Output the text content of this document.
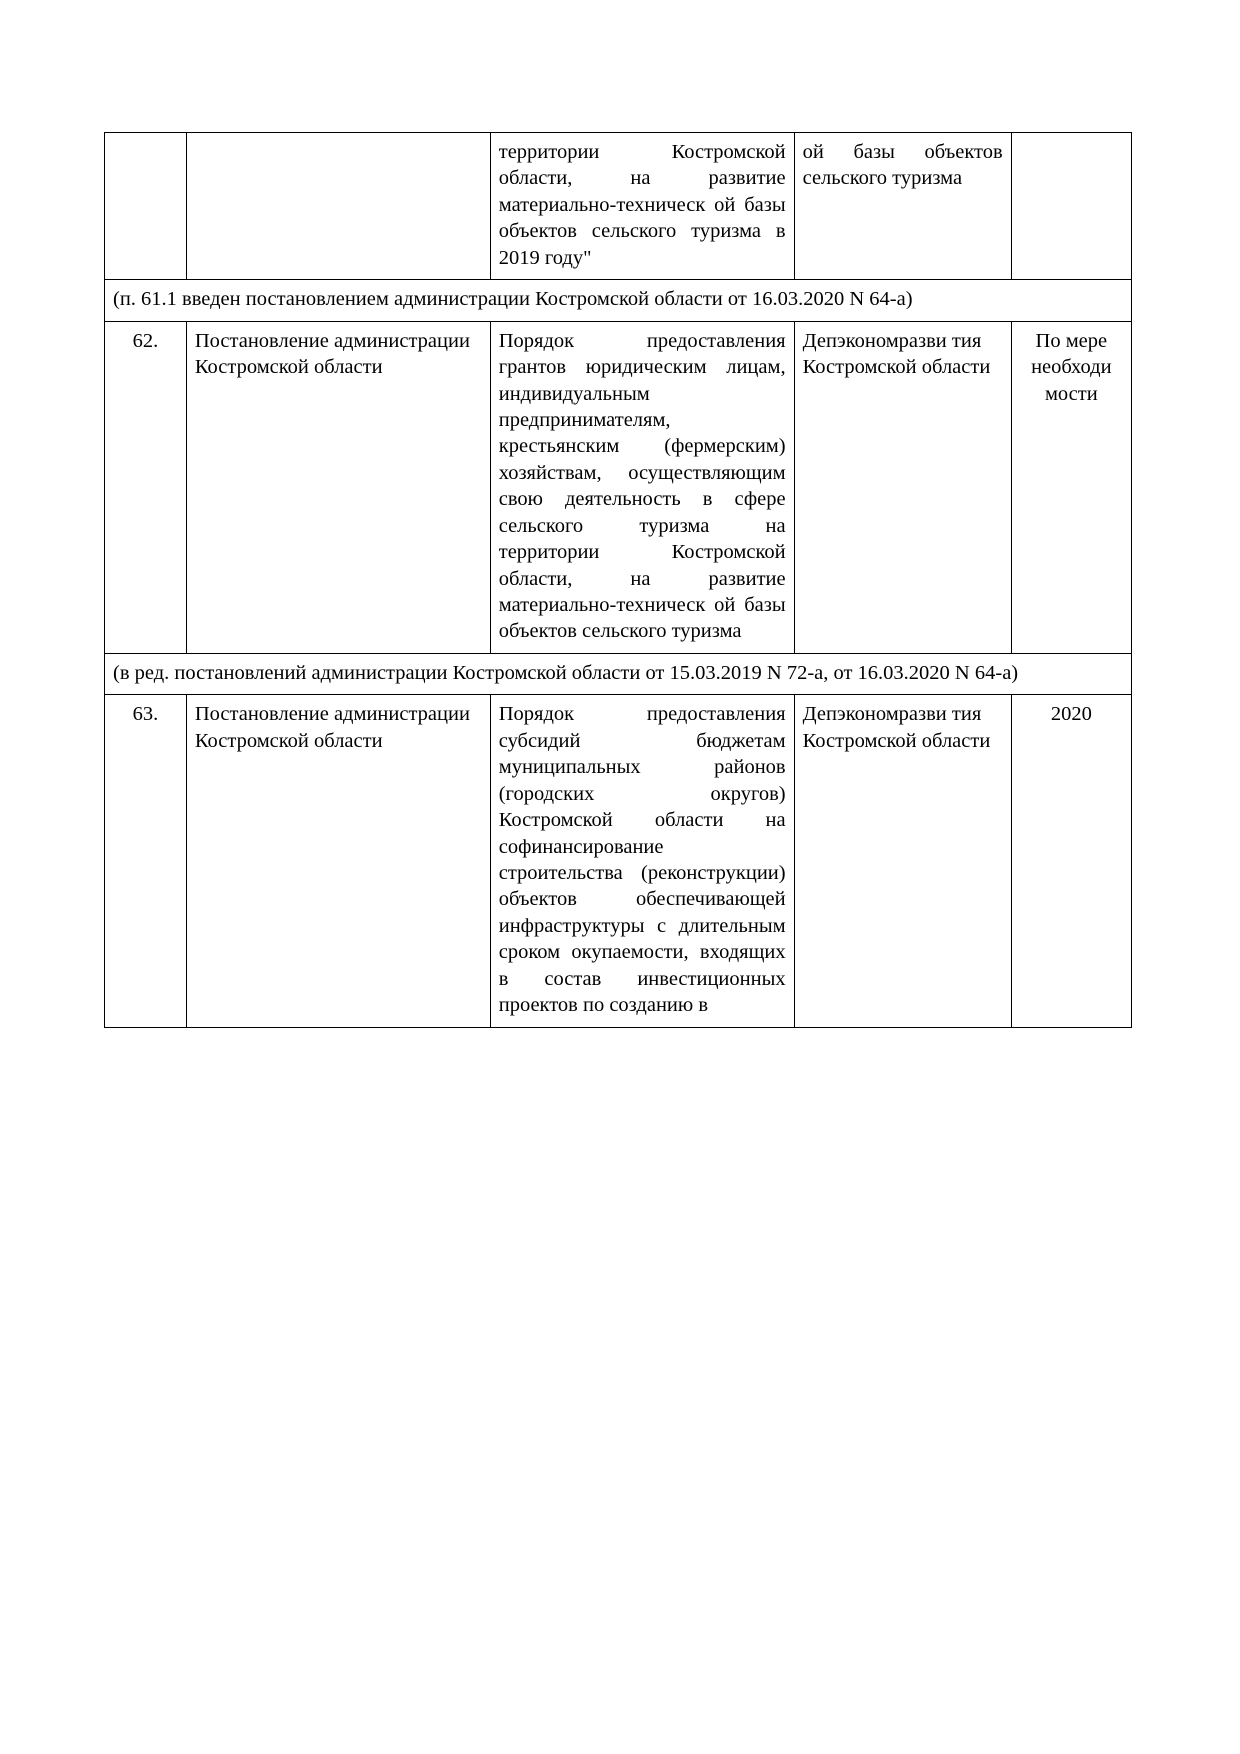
		территории Костромской области, на развитие материально-техническ ой базы объектов сельского туризма в 2019 году"	ой базы объектов сельского туризма	
(п. 61.1 введен постановлением администрации Костромской области от 16.03.2020 N 64-а)				
62.	Постановление администрации Костромской области	Порядок предоставления грантов юридическим лицам, индивидуальным предпринимателям, крестьянским (фермерским) хозяйствам, осуществляющим свою деятельность в сфере сельского туризма на территории Костромской области, на развитие материально-техническ ой базы объектов сельского туризма	Депэкономразви тия Костромской области	По мере необходи мости
(в ред. постановлений администрации Костромской области от 15.03.2019 N 72-а, от 16.03.2020 N 64-а)				
63.	Постановление администрации Костромской области	Порядок предоставления субсидий бюджетам муниципальных районов (городских округов) Костромской области на софинансирование строительства (реконструкции) объектов обеспечивающей инфраструктуры с длительным сроком окупаемости, входящих в состав инвестиционных проектов по созданию в	Депэкономразви тия Костромской области	2020
